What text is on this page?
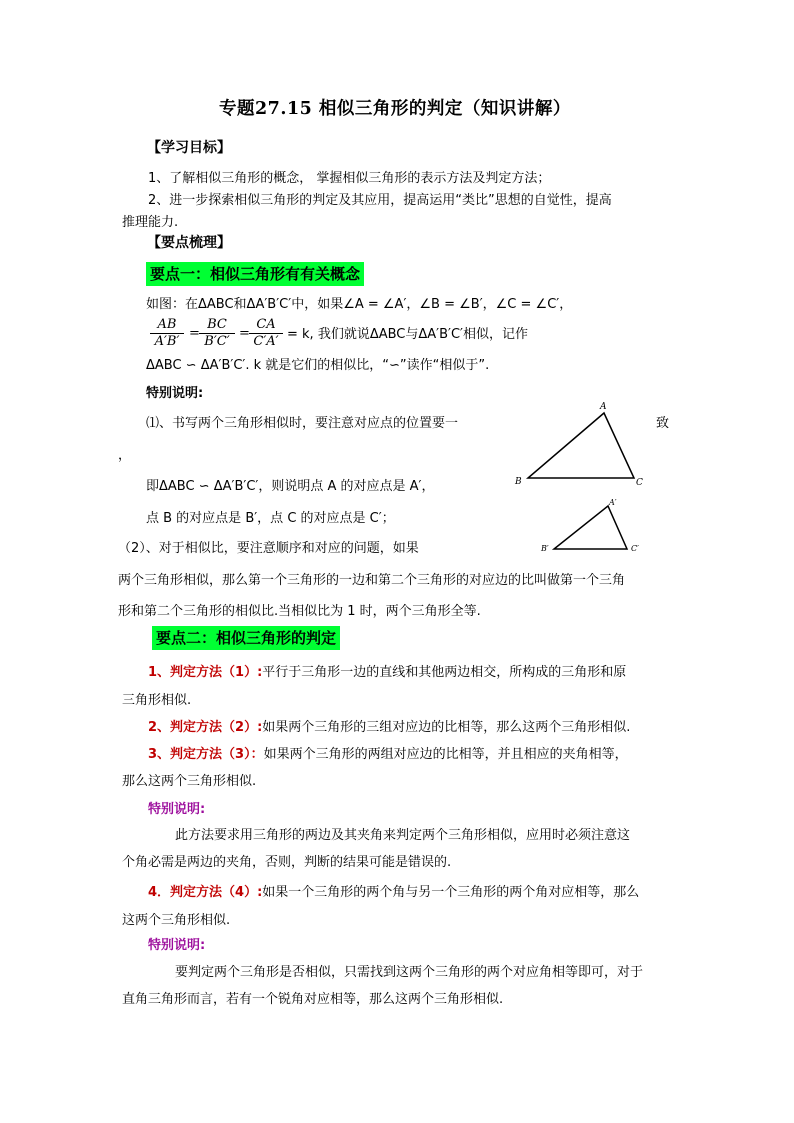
专题27.15 相似三角形的判定（知识讲解）
【学习目标】
1、了解相似三角形的概念， 掌握相似三角形的表示方法及判定方法；
2、进一步探索相似三角形的判定及其应用，提高运用“类比”思想的自觉性，提高
推理能力.
【要点梳理】
要点一：相似三角形有有关概念
如图：在ΔABC和ΔA′B′C′中，如果∠A = ∠A′，∠B = ∠B′，∠C = ∠C′，
$\frac{AB}{A'B'} = \frac{BC}{B'C'} = \frac{CA}{C'A'} = k$, 我们就说ΔABC与ΔA′B′C′相似，记作
ΔABC ∽ ΔA′B′C′. k 就是它们的相似比，“∽”读作“相似于”.
特别说明:
⑴、书写两个三角形相似时，要注意对应点的位置要一	致
，
即ΔABC ∽ ΔA′B′C′，则说明点 A 的对应点是 A′，
点 B 的对应点是 B′，点 C 的对应点是 C′；
（2）、对于相似比，要注意顺序和对应的问题，如果
两个三角形相似，那么第一个三角形的一边和第二个三角形的对应边的比叫做第一个三角
形和第二个三角形的相似比.当相似比为 1 时，两个三角形全等.
A
B	C
A′
B′	C′
要点二：相似三角形的判定
1、判定方法（1）:平行于三角形一边的直线和其他两边相交，所构成的三角形和原
三角形相似.
2、判定方法（2）:如果两个三角形的三组对应边的比相等，那么这两个三角形相似.
3、判定方法（3）：如果两个三角形的两组对应边的比相等，并且相应的夹角相等，
那么这两个三角形相似.
特别说明:
此方法要求用三角形的两边及其夹角来判定两个三角形相似，应用时必须注意这
个角必需是两边的夹角，否则，判断的结果可能是错误的.
4．判定方法（4）:如果一个三角形的两个角与另一个三角形的两个角对应相等，那么
这两个三角形相似.
特别说明:
要判定两个三角形是否相似，只需找到这两个三角形的两个对应角相等即可，对于
直角三角形而言，若有一个锐角对应相等，那么这两个三角形相似.
